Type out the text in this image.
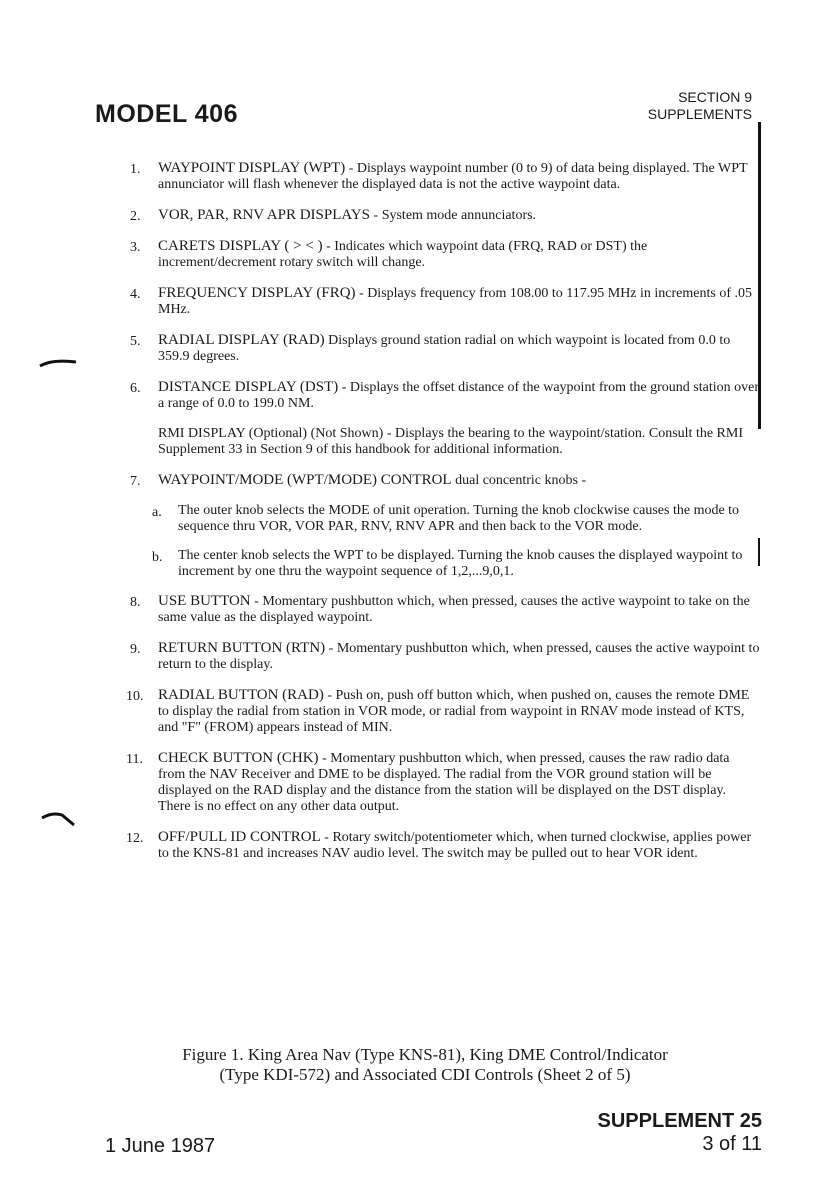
MODEL 406
SECTION 9
SUPPLEMENTS
1.	WAYPOINT DISPLAY (WPT) - Displays waypoint number (0 to 9) of data being displayed. The WPT annunciator will flash whenever the displayed data is not the active waypoint data.
2.	VOR, PAR, RNV APR DISPLAYS - System mode annunciators.
3.	CARETS DISPLAY ( > < ) - Indicates which waypoint data (FRQ, RAD or DST) the increment/decrement rotary switch will change.
4.	FREQUENCY DISPLAY (FRQ) - Displays frequency from 108.00 to 117.95 MHz in increments of .05 MHz.
5.	RADIAL DISPLAY (RAD) Displays ground station radial on which waypoint is located from 0.0 to 359.9 degrees.
6.	DISTANCE DISPLAY (DST) - Displays the offset distance of the waypoint from the ground station over a range of 0.0 to 199.0 NM.
RMI DISPLAY (Optional) (Not Shown) - Displays the bearing to the waypoint/station. Consult the RMI Supplement 33 in Section 9 of this handbook for additional information.
7.	WAYPOINT/MODE (WPT/MODE) CONTROL dual concentric knobs -
a. The outer knob selects the MODE of unit operation. Turning the knob clockwise causes the mode to sequence thru VOR, VOR PAR, RNV, RNV APR and then back to the VOR mode.
b. The center knob selects the WPT to be displayed. Turning the knob causes the displayed waypoint to increment by one thru the waypoint sequence of 1,2,...9,0,1.
8.	USE BUTTON - Momentary pushbutton which, when pressed, causes the active waypoint to take on the same value as the displayed waypoint.
9.	RETURN BUTTON (RTN) - Momentary pushbutton which, when pressed, causes the active waypoint to return to the display.
10. RADIAL BUTTON (RAD) - Push on, push off button which, when pushed on, causes the remote DME to display the radial from station in VOR mode, or radial from waypoint in RNAV mode instead of KTS, and "F" (FROM) appears instead of MIN.
11.	CHECK BUTTON (CHK) - Momentary pushbutton which, when pressed, causes the raw radio data from the NAV Receiver and DME to be displayed. The radial from the VOR ground station will be displayed on the RAD display and the distance from the station will be displayed on the DST display. There is no effect on any other data output.
12. OFF/PULL ID CONTROL - Rotary switch/potentiometer which, when turned clockwise, applies power to the KNS-81 and increases NAV audio level. The switch may be pulled out to hear VOR ident.
Figure 1. King Area Nav (Type KNS-81), King DME Control/Indicator
(Type KDI-572) and Associated CDI Controls (Sheet 2 of 5)
SUPPLEMENT 25
3 of 11
1 June 1987
